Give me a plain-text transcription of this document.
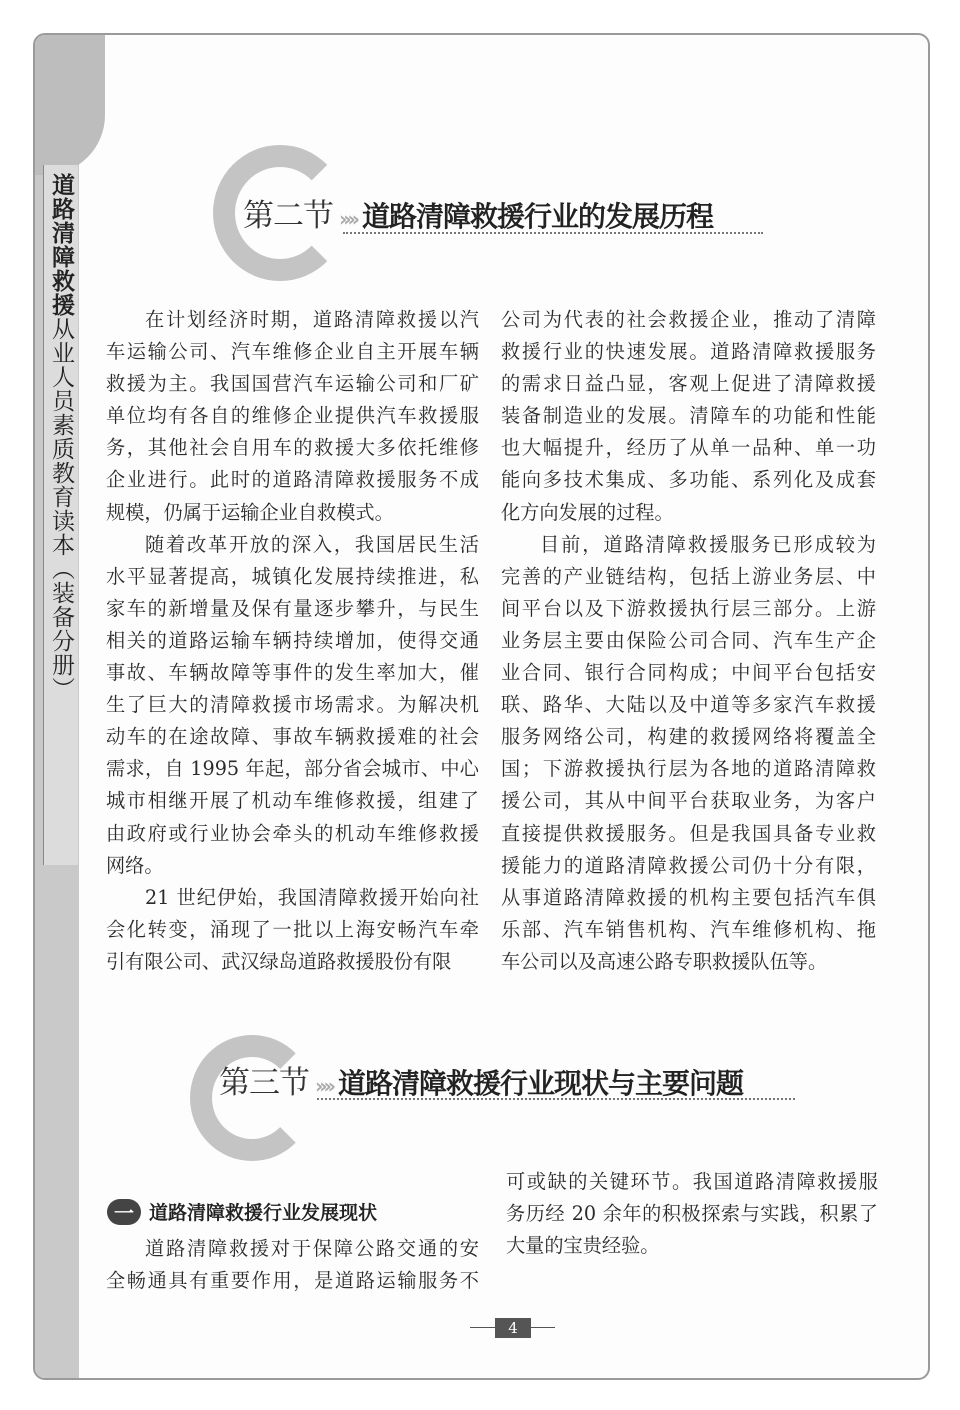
道路清障救援从业人员素质教育读本（装备分册）
第二节 ›››› 道路清障救援行业的发展历程
在计划经济时期，道路清障救援以汽
车运输公司、汽车维修企业自主开展车辆
救援为主。我国国营汽车运输公司和厂矿
单位均有各自的维修企业提供汽车救援服
务，其他社会自用车的救援大多依托维修
企业进行。此时的道路清障救援服务不成
规模，仍属于运输企业自救模式。
随着改革开放的深入，我国居民生活
水平显著提高，城镇化发展持续推进，私
家车的新增量及保有量逐步攀升，与民生
相关的道路运输车辆持续增加，使得交通
事故、车辆故障等事件的发生率加大，催
生了巨大的清障救援市场需求。为解决机
动车的在途故障、事故车辆救援难的社会
需求，自 1995 年起，部分省会城市、中心
城市相继开展了机动车维修救援，组建了
由政府或行业协会牵头的机动车维修救援
网络。
21 世纪伊始，我国清障救援开始向社
会化转变，涌现了一批以上海安畅汽车牵
引有限公司、武汉绿岛道路救援股份有限
公司为代表的社会救援企业，推动了清障
救援行业的快速发展。道路清障救援服务
的需求日益凸显，客观上促进了清障救援
装备制造业的发展。清障车的功能和性能
也大幅提升，经历了从单一品种、单一功
能向多技术集成、多功能、系列化及成套
化方向发展的过程。
目前，道路清障救援服务已形成较为
完善的产业链结构，包括上游业务层、中
间平台以及下游救援执行层三部分。上游
业务层主要由保险公司合同、汽车生产企
业合同、银行合同构成；中间平台包括安
联、路华、大陆以及中道等多家汽车救援
服务网络公司，构建的救援网络将覆盖全
国；下游救援执行层为各地的道路清障救
援公司，其从中间平台获取业务，为客户
直接提供救援服务。但是我国具备专业救
援能力的道路清障救援公司仍十分有限，
从事道路清障救援的机构主要包括汽车俱
乐部、汽车销售机构、汽车维修机构、拖
车公司以及高速公路专职救援队伍等。
第三节 ›››› 道路清障救援行业现状与主要问题
一 道路清障救援行业发展现状
道路清障救援对于保障公路交通的安
全畅通具有重要作用，是道路运输服务不
可或缺的关键环节。我国道路清障救援服
务历经 20 余年的积极探索与实践，积累了
大量的宝贵经验。
4
